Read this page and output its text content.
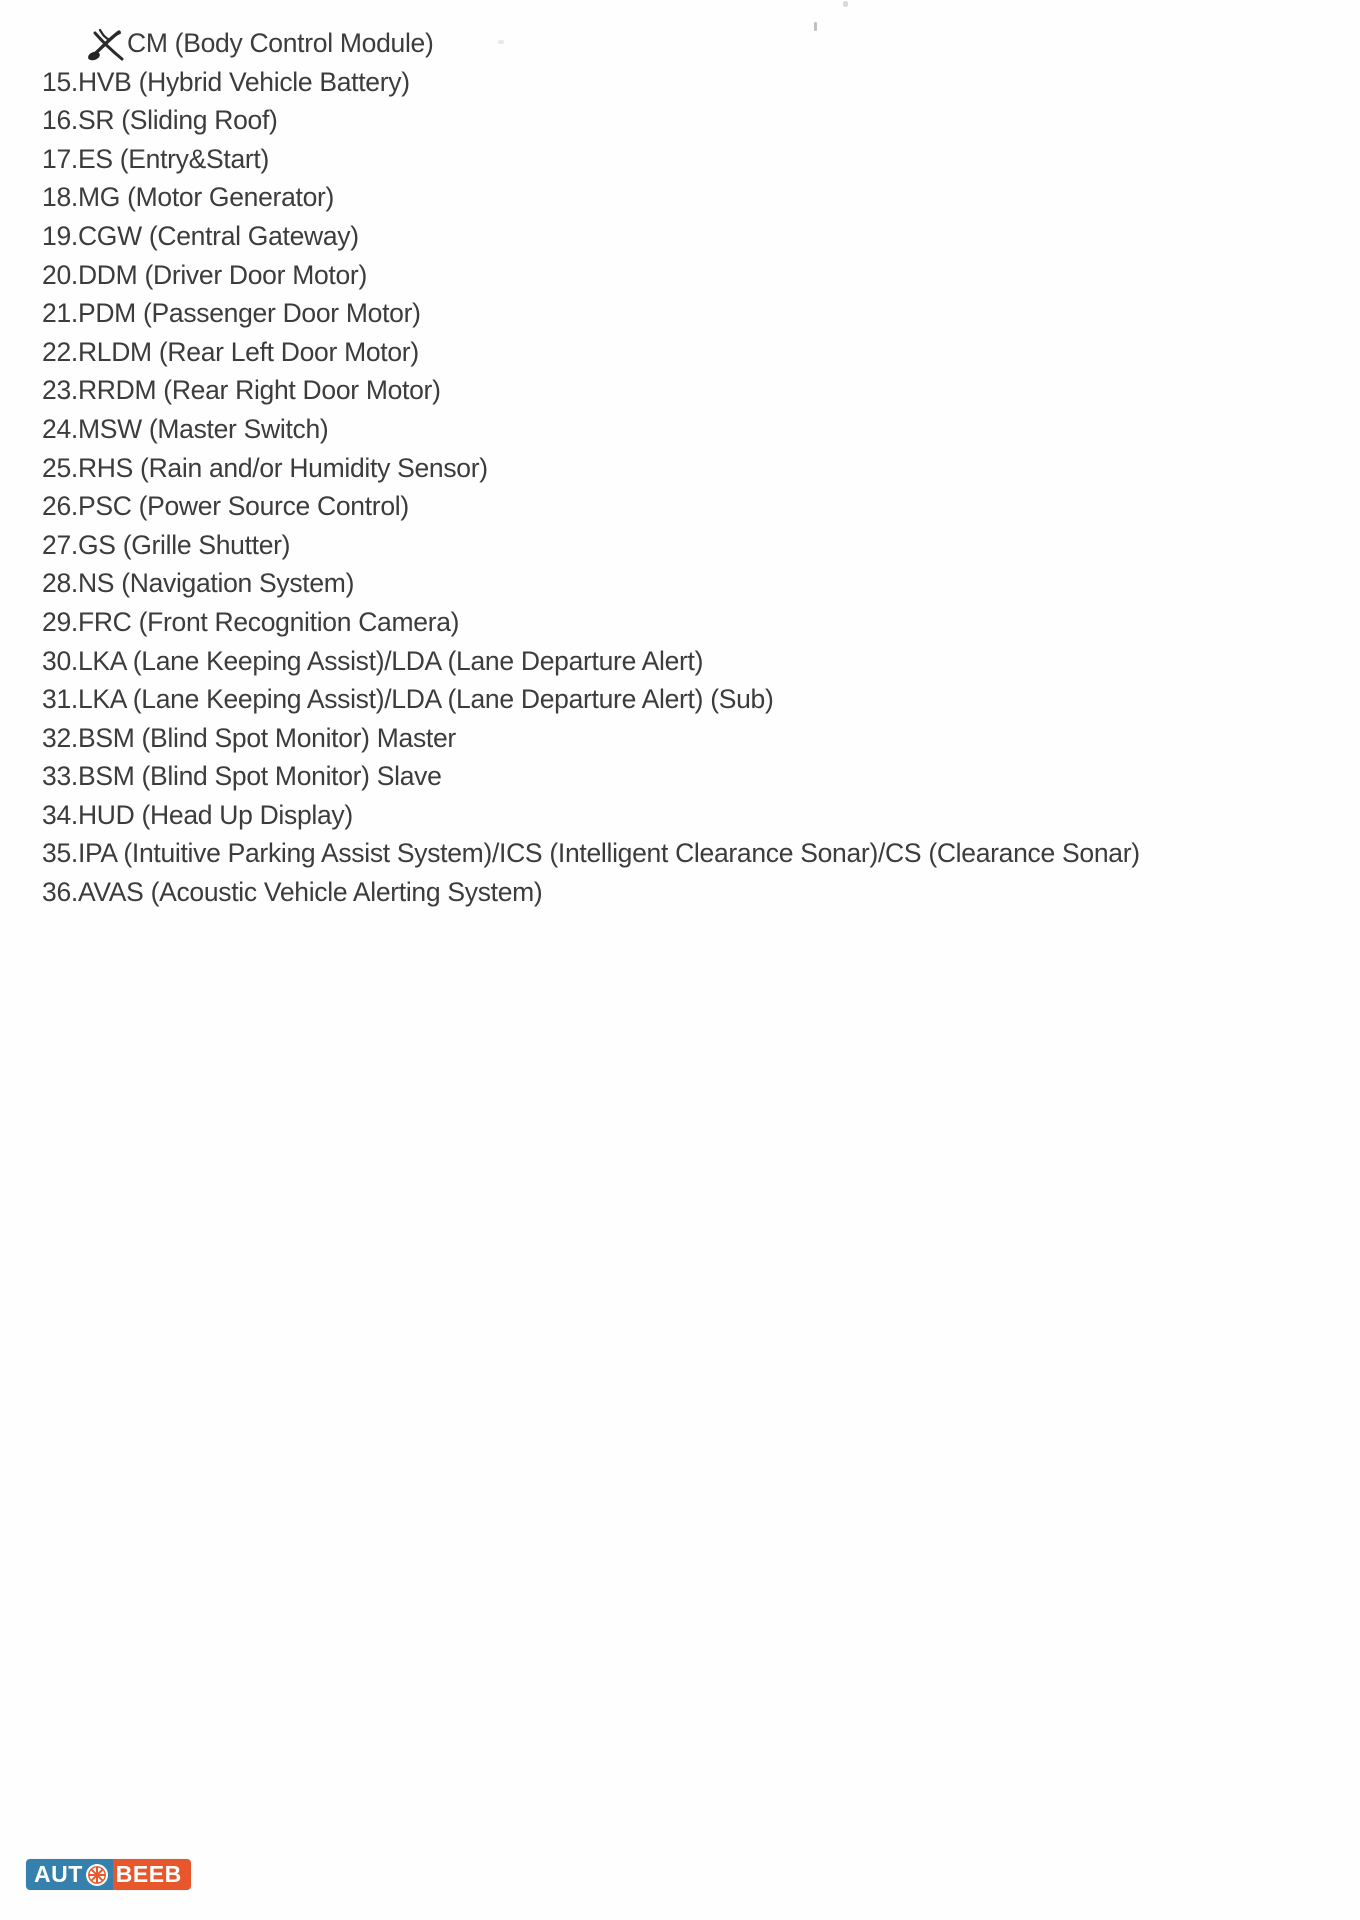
CM (Body Control Module)
15.HVB (Hybrid Vehicle Battery)
16.SR (Sliding Roof)
17.ES (Entry&Start)
18.MG (Motor Generator)
19.CGW (Central Gateway)
20.DDM (Driver Door Motor)
21.PDM (Passenger Door Motor)
22.RLDM (Rear Left Door Motor)
23.RRDM (Rear Right Door Motor)
24.MSW (Master Switch)
25.RHS (Rain and/or Humidity Sensor)
26.PSC (Power Source Control)
27.GS (Grille Shutter)
28.NS (Navigation System)
29.FRC (Front Recognition Camera)
30.LKA (Lane Keeping Assist)/LDA (Lane Departure Alert)
31.LKA (Lane Keeping Assist)/LDA (Lane Departure Alert) (Sub)
32.BSM (Blind Spot Monitor) Master
33.BSM (Blind Spot Monitor) Slave
34.HUD (Head Up Display)
35.IPA (Intuitive Parking Assist System)/ICS (Intelligent Clearance Sonar)/CS (Clearance Sonar)
36.AVAS (Acoustic Vehicle Alerting System)
AUT BEEB
